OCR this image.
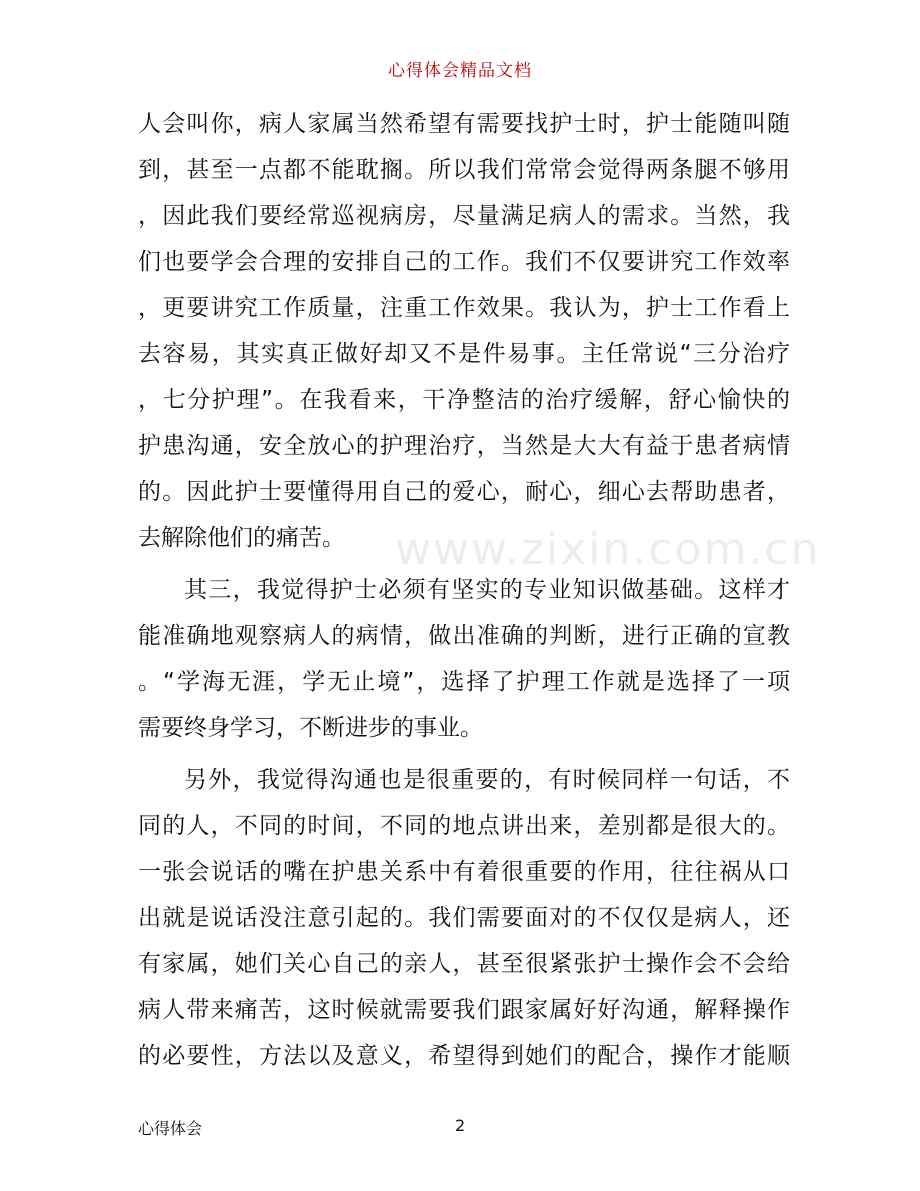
心得体会精品文档
www.zixin.com.cn
人会叫你，病人家属当然希望有需要找护士时，护士能随叫随
到，甚至一点都不能耽搁。所以我们常常会觉得两条腿不够用
，因此我们要经常巡视病房，尽量满足病人的需求。当然，我
们也要学会合理的安排自己的工作。我们不仅要讲究工作效率
，更要讲究工作质量，注重工作效果。我认为，护士工作看上
去容易，其实真正做好却又不是件易事。主任常说“三分治疗
，七分护理”。在我看来，干净整洁的治疗缓解，舒心愉快的
护患沟通，安全放心的护理治疗，当然是大大有益于患者病情
的。因此护士要懂得用自己的爱心，耐心，细心去帮助患者，
去解除他们的痛苦。
其三，我觉得护士必须有坚实的专业知识做基础。这样才
能准确地观察病人的病情，做出准确的判断，进行正确的宣教
。“学海无涯，学无止境”，选择了护理工作就是选择了一项
需要终身学习，不断进步的事业。
另外，我觉得沟通也是很重要的，有时候同样一句话，不
同的人，不同的时间，不同的地点讲出来，差别都是很大的。
一张会说话的嘴在护患关系中有着很重要的作用，往往祸从口
出就是说话没注意引起的。我们需要面对的不仅仅是病人，还
有家属，她们关心自己的亲人，甚至很紧张护士操作会不会给
病人带来痛苦，这时候就需要我们跟家属好好沟通，解释操作
的必要性，方法以及意义，希望得到她们的配合，操作才能顺
心得体会	2
